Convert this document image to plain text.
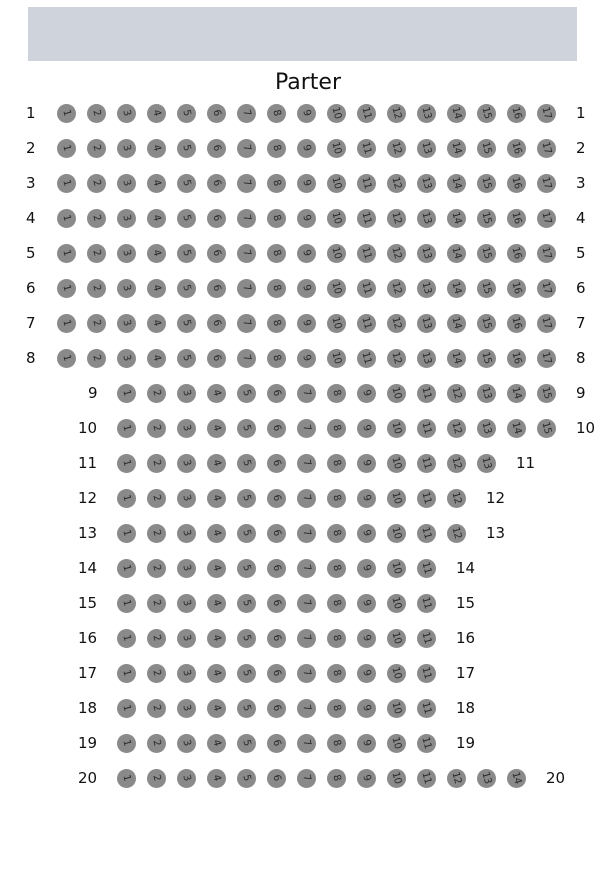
Parter
1 1 2 3 4 5 6 7 8 9 10 11 12 13 14 15 16 17 1
2 1 2 3 4 5 6 7 8 9 10 11 12 13 14 15 16 17 2
3 1 2 3 4 5 6 7 8 9 10 11 12 13 14 15 16 17 3
4 1 2 3 4 5 6 7 8 9 10 11 12 13 14 15 16 17 4
5 1 2 3 4 5 6 7 8 9 10 11 12 13 14 15 16 17 5
6 1 2 3 4 5 6 7 8 9 10 11 12 13 14 15 16 17 6
7 1 2 3 4 5 6 7 8 9 10 11 12 13 14 15 16 17 7
8 1 2 3 4 5 6 7 8 9 10 11 12 13 14 15 16 17 8
9 1 2 3 4 5 6 7 8 9 10 11 12 13 14 15 9
10 1 2 3 4 5 6 7 8 9 10 11 12 13 14 15 10
11 1 2 3 4 5 6 7 8 9 10 11 12 13 11
12 1 2 3 4 5 6 7 8 9 10 11 12 12
13 1 2 3 4 5 6 7 8 9 10 11 12 13
14 1 2 3 4 5 6 7 8 9 10 11 14
15 1 2 3 4 5 6 7 8 9 10 11 15
16 1 2 3 4 5 6 7 8 9 10 11 16
17 1 2 3 4 5 6 7 8 9 10 11 17
18 1 2 3 4 5 6 7 8 9 10 11 18
19 1 2 3 4 5 6 7 8 9 10 11 19
20 1 2 3 4 5 6 7 8 9 10 11 12 13 14 20
